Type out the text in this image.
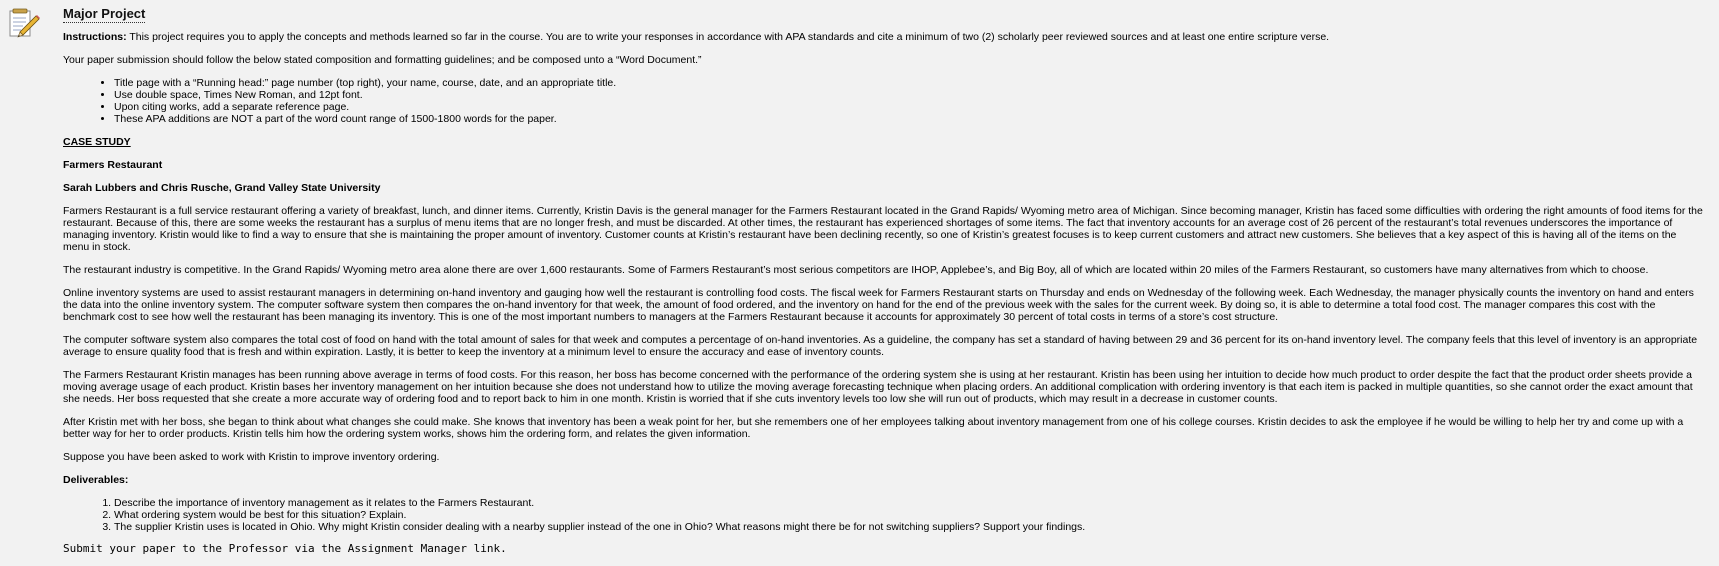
Major Project

Instructions: This project requires you to apply the concepts and methods learned so far in the course. You are to write your responses in accordance with APA standards and cite a minimum of two (2) scholarly peer reviewed sources and at least one entire scripture verse.

Your paper submission should follow the below stated composition and formatting guidelines; and be composed unto a “Word Document.”

• Title page with a “Running head:” page number (top right), your name, course, date, and an appropriate title.
• Use double space, Times New Roman, and 12pt font.
• Upon citing works, add a separate reference page.
• These APA additions are NOT a part of the word count range of 1500-1800 words for the paper.

CASE STUDY

Farmers Restaurant

Sarah Lubbers and Chris Rusche, Grand Valley State University

Farmers Restaurant is a full service restaurant offering a variety of breakfast, lunch, and dinner items. Currently, Kristin Davis is the general manager for the Farmers Restaurant located in the Grand Rapids/ Wyoming metro area of Michigan. Since becoming manager, Kristin has faced some difficulties with ordering the right amounts of food items for the restaurant. Because of this, there are some weeks the restaurant has a surplus of menu items that are no longer fresh, and must be discarded. At other times, the restaurant has experienced shortages of some items. The fact that inventory accounts for an average cost of 26 percent of the restaurant’s total revenues underscores the importance of managing inventory. Kristin would like to find a way to ensure that she is maintaining the proper amount of inventory. Customer counts at Kristin’s restaurant have been declining recently, so one of Kristin’s greatest focuses is to keep current customers and attract new customers. She believes that a key aspect of this is having all of the items on the menu in stock.

The restaurant industry is competitive. In the Grand Rapids/ Wyoming metro area alone there are over 1,600 restaurants. Some of Farmers Restaurant’s most serious competitors are IHOP, Applebee’s, and Big Boy, all of which are located within 20 miles of the Farmers Restaurant, so customers have many alternatives from which to choose.

Online inventory systems are used to assist restaurant managers in determining on-hand inventory and gauging how well the restaurant is controlling food costs. The fiscal week for Farmers Restaurant starts on Thursday and ends on Wednesday of the following week. Each Wednesday, the manager physically counts the inventory on hand and enters the data into the online inventory system. The computer software system then compares the on-hand inventory for that week, the amount of food ordered, and the inventory on hand for the end of the previous week with the sales for the current week. By doing so, it is able to determine a total food cost. The manager compares this cost with the benchmark cost to see how well the restaurant has been managing its inventory. This is one of the most important numbers to managers at the Farmers Restaurant because it accounts for approximately 30 percent of total costs in terms of a store’s cost structure.

The computer software system also compares the total cost of food on hand with the total amount of sales for that week and computes a percentage of on-hand inventories. As a guideline, the company has set a standard of having between 29 and 36 percent for its on-hand inventory level. The company feels that this level of inventory is an appropriate average to ensure quality food that is fresh and within expiration. Lastly, it is better to keep the inventory at a minimum level to ensure the accuracy and ease of inventory counts.

The Farmers Restaurant Kristin manages has been running above average in terms of food costs. For this reason, her boss has become concerned with the performance of the ordering system she is using at her restaurant. Kristin has been using her intuition to decide how much product to order despite the fact that the product order sheets provide a moving average usage of each product. Kristin bases her inventory management on her intuition because she does not understand how to utilize the moving average forecasting technique when placing orders. An additional complication with ordering inventory is that each item is packed in multiple quantities, so she cannot order the exact amount that she needs. Her boss requested that she create a more accurate way of ordering food and to report back to him in one month. Kristin is worried that if she cuts inventory levels too low she will run out of products, which may result in a decrease in customer counts.

After Kristin met with her boss, she began to think about what changes she could make. She knows that inventory has been a weak point for her, but she remembers one of her employees talking about inventory management from one of his college courses. Kristin decides to ask the employee if he would be willing to help her try and come up with a better way for her to order products. Kristin tells him how the ordering system works, shows him the ordering form, and relates the given information.

Suppose you have been asked to work with Kristin to improve inventory ordering.

Deliverables:

1. Describe the importance of inventory management as it relates to the Farmers Restaurant.
2. What ordering system would be best for this situation? Explain.
3. The supplier Kristin uses is located in Ohio. Why might Kristin consider dealing with a nearby supplier instead of the one in Ohio? What reasons might there be for not switching suppliers? Support your findings.

Submit your paper to the Professor via the Assignment Manager link.
